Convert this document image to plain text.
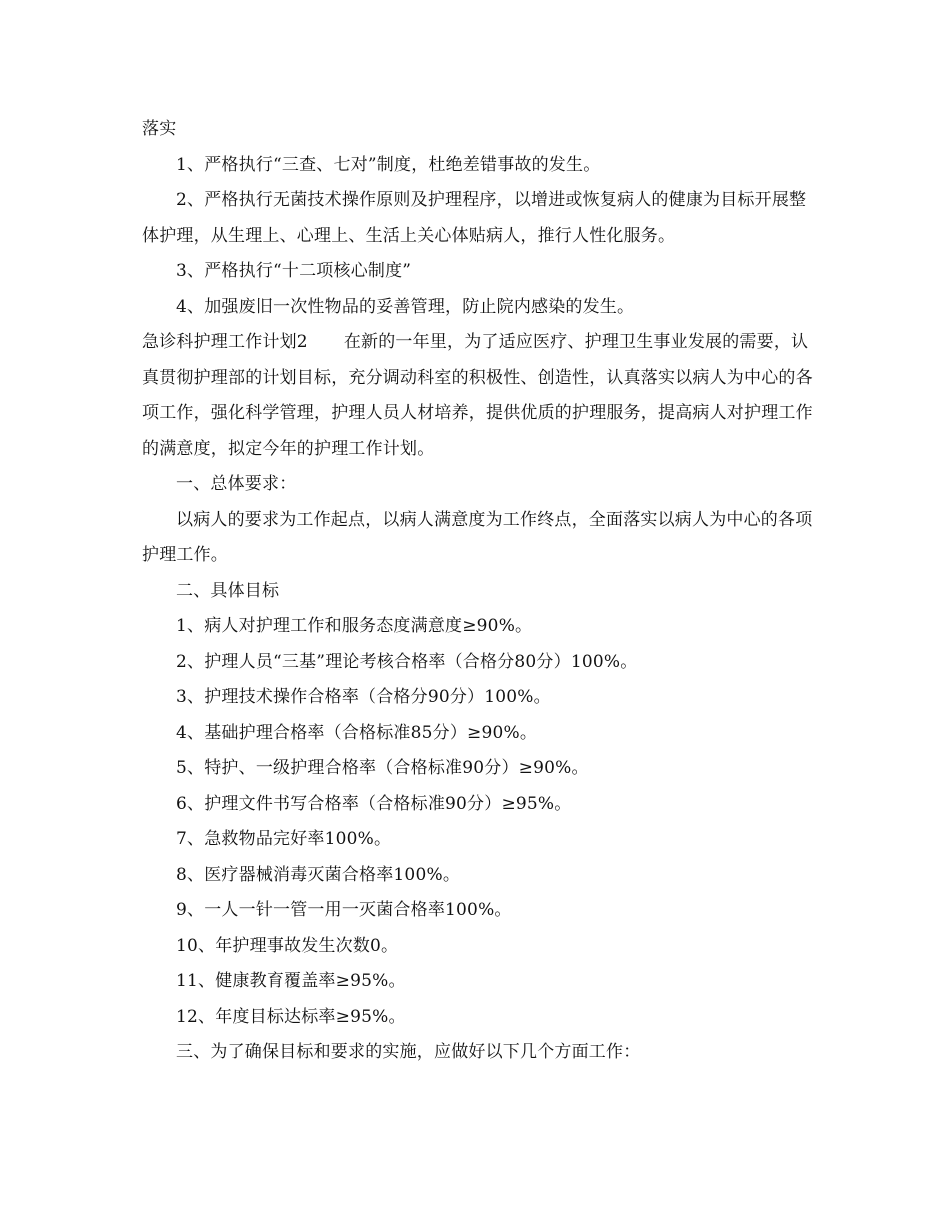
落实

1、严格执行“三查、七对”制度，杜绝差错事故的发生。

2、严格执行无菌技术操作原则及护理程序，以增进或恢复病人的健康为目标开展整体护理，从生理上、心理上、生活上关心体贴病人，推行人性化服务。

3、严格执行“十二项核心制度”

4、加强废旧一次性物品的妥善管理，防止院内感染的发生。

急诊科护理工作计划2 在新的一年里，为了适应医疗、护理卫生事业发展的需要，认真贯彻护理部的计划目标，充分调动科室的积极性、创造性，认真落实以病人为中心的各项工作，强化科学管理，护理人员人材培养，提供优质的护理服务，提高病人对护理工作的满意度，拟定今年的护理工作计划。

一、总体要求：

以病人的要求为工作起点，以病人满意度为工作终点，全面落实以病人为中心的各项护理工作。

二、具体目标

1、病人对护理工作和服务态度满意度≥90%。

2、护理人员“三基”理论考核合格率（合格分80分）100%。

3、护理技术操作合格率（合格分90分）100%。

4、基础护理合格率（合格标准85分）≥90%。

5、特护、一级护理合格率（合格标准90分）≥90%。

6、护理文件书写合格率（合格标准90分）≥95%。

7、急救物品完好率100%。

8、医疗器械消毒灭菌合格率100%。

9、一人一针一管一用一灭菌合格率100%。

10、年护理事故发生次数0。

11、健康教育覆盖率≥95%。

12、年度目标达标率≥95%。

三、为了确保目标和要求的实施，应做好以下几个方面工作：
